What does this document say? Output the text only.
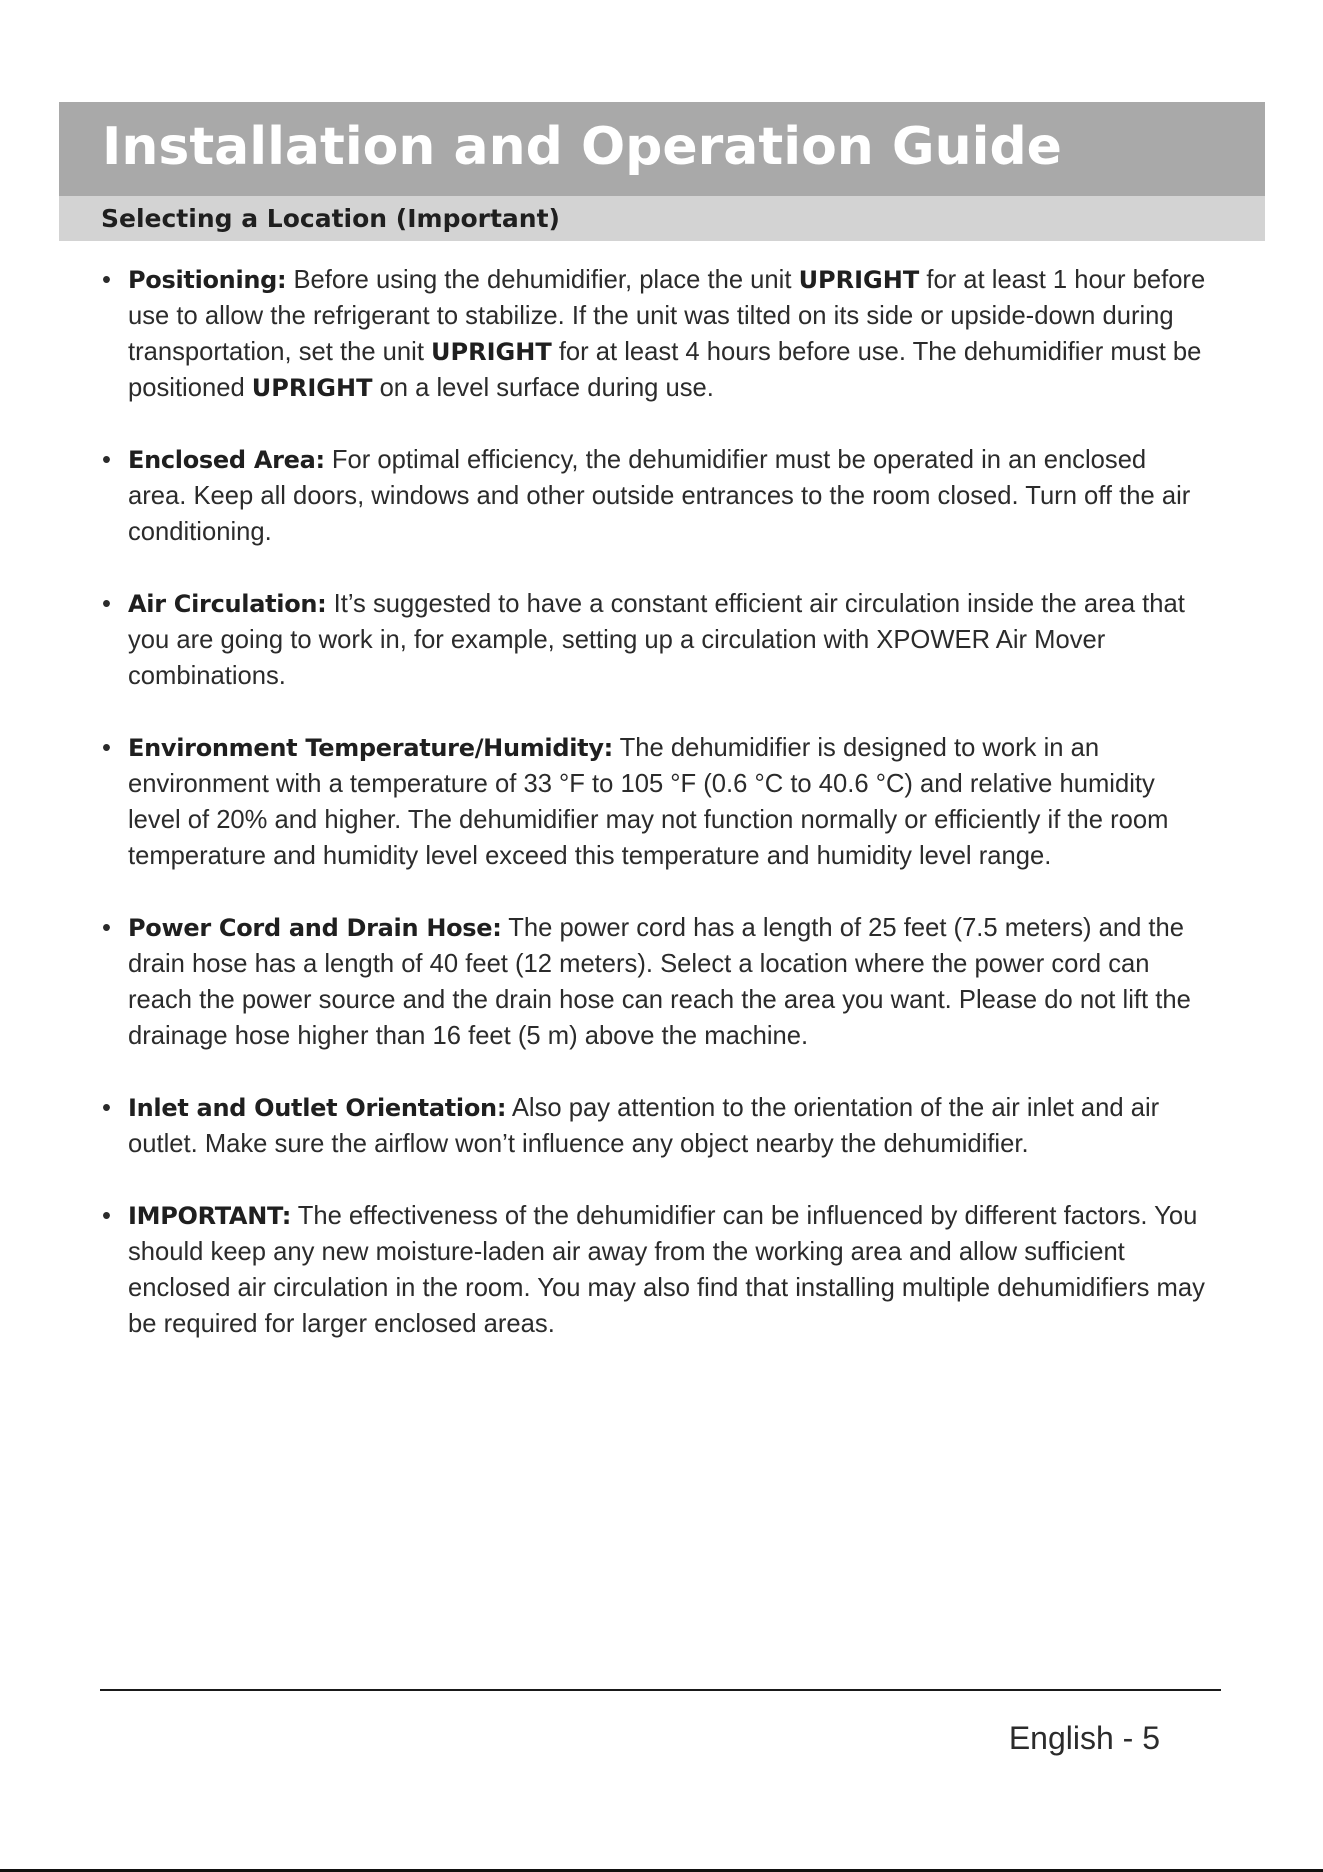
Installation and Operation Guide
Selecting a Location (Important)
• Positioning: Before using the dehumidifier, place the unit UPRIGHT for at least 1 hour before use to allow the refrigerant to stabilize. If the unit was tilted on its side or upside-down during transportation, set the unit UPRIGHT for at least 4 hours before use. The dehumidifier must be positioned UPRIGHT on a level surface during use.
• Enclosed Area: For optimal efficiency, the dehumidifier must be operated in an enclosed area. Keep all doors, windows and other outside entrances to the room closed. Turn off the air conditioning.
• Air Circulation: It’s suggested to have a constant efficient air circulation inside the area that you are going to work in, for example, setting up a circulation with XPOWER Air Mover combinations.
• Environment Temperature/Humidity: The dehumidifier is designed to work in an environment with a temperature of 33 °F to 105 °F (0.6 °C to 40.6 °C) and relative humidity level of 20% and higher. The dehumidifier may not function normally or efficiently if the room temperature and humidity level exceed this temperature and humidity level range.
• Power Cord and Drain Hose: The power cord has a length of 25 feet (7.5 meters) and the drain hose has a length of 40 feet (12 meters). Select a location where the power cord can reach the power source and the drain hose can reach the area you want. Please do not lift the drainage hose higher than 16 feet (5 m) above the machine.
• Inlet and Outlet Orientation: Also pay attention to the orientation of the air inlet and air outlet. Make sure the airflow won’t influence any object nearby the dehumidifier.
• IMPORTANT: The effectiveness of the dehumidifier can be influenced by different factors. You should keep any new moisture-laden air away from the working area and allow sufficient enclosed air circulation in the room. You may also find that installing multiple dehumidifiers may be required for larger enclosed areas.
English - 5
